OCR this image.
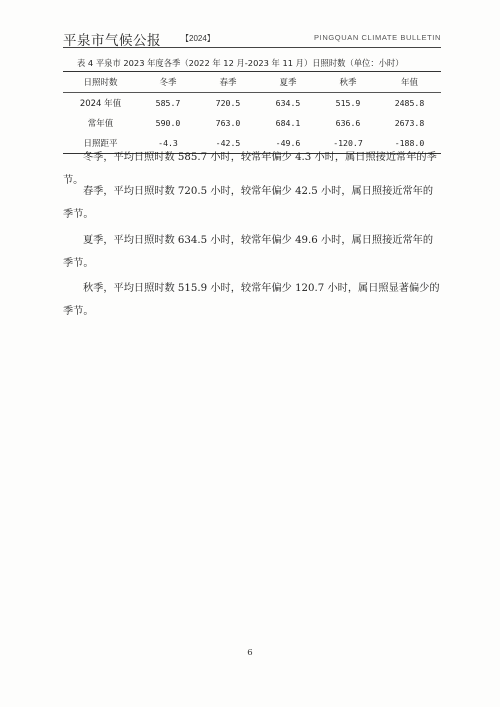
平泉市气候公报	【2024】	PINGQUAN CLIMATE BULLETIN
表 4 平泉市 2023 年度各季（2022 年 12 月-2023 年 11 月）日照时数（单位：小时）
日照时数	冬季	春季	夏季	秋季	年值
2024 年值	585.7	720.5	634.5	515.9	2485.8
常年值	590.0	763.0	684.1	636.6	2673.8
日照距平	-4.3	-42.5	-49.6	-120.7	-188.0

冬季，平均日照时数 585.7 小时，较常年偏少 4.3 小时，属日照接近常年的季节。

春季，平均日照时数 720.5 小时，较常年偏少 42.5 小时，属日照接近常年的季节。

夏季，平均日照时数 634.5 小时，较常年偏少 49.6 小时，属日照接近常年的季节。

秋季，平均日照时数 515.9 小时，较常年偏少 120.7 小时，属日照显著偏少的季节。

6
